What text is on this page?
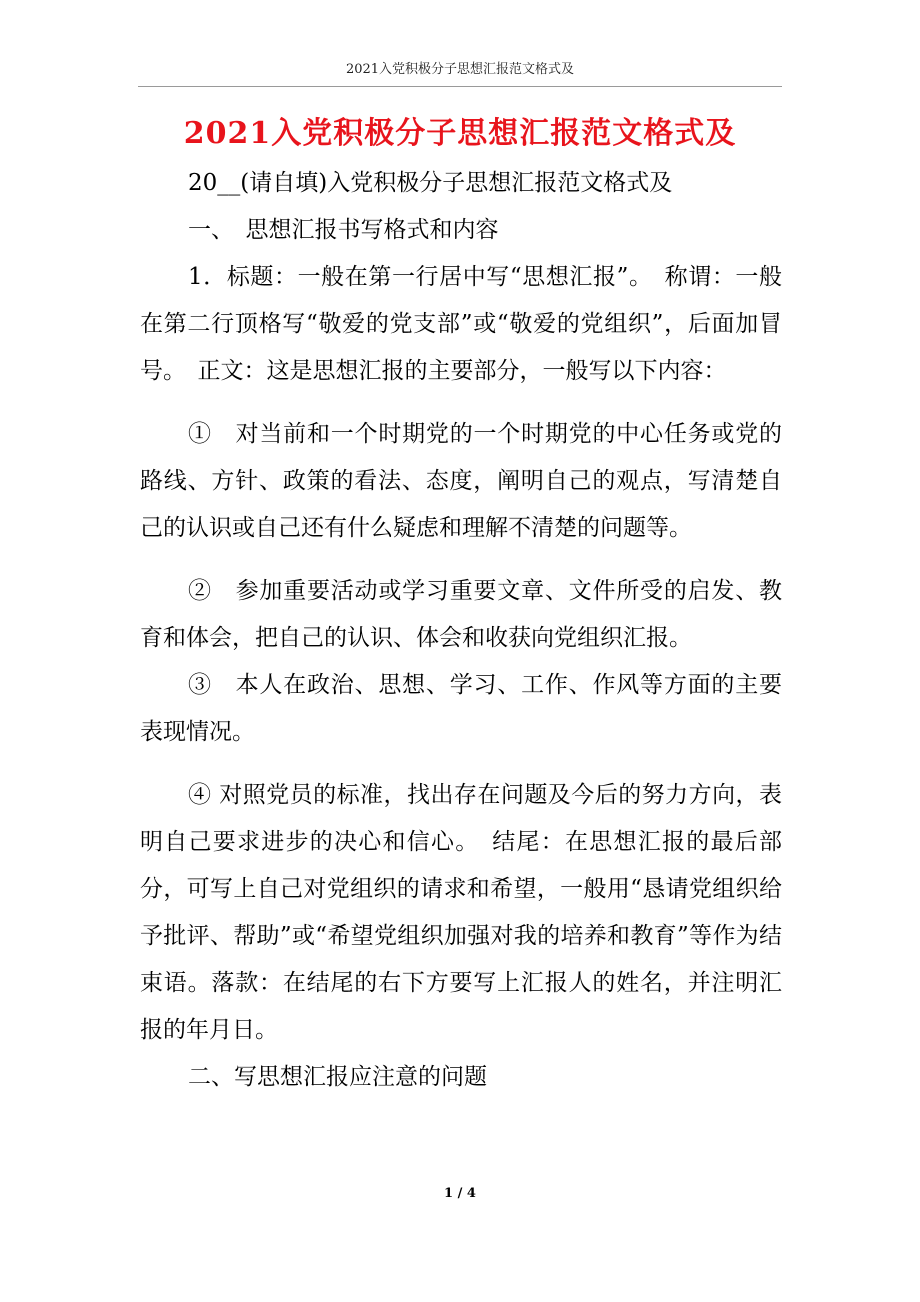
2021入党积极分子思想汇报范文格式及
2021入党积极分子思想汇报范文格式及

20__(请自填)入党积极分子思想汇报范文格式及

一、　思想汇报书写格式和内容

1．标题：一般在第一行居中写“思想汇报”。　称谓：一般在第二行顶格写“敬爱的党支部”或“敬爱的党组织”，后面加冒号。　正文：这是思想汇报的主要部分，一般写以下内容：

①　对当前和一个时期党的一个时期党的中心任务或党的路线、方针、政策的看法、态度，阐明自己的观点，写清楚自己的认识或自己还有什么疑虑和理解不清楚的问题等。

②　参加重要活动或学习重要文章、文件所受的启发、教育和体会，把自己的认识、体会和收获向党组织汇报。

③　本人在政治、思想、学习、工作、作风等方面的主要表现情况。

④ 对照党员的标准，找出存在问题及今后的努力方向，表明自己要求进步的决心和信心。　结尾：在思想汇报的最后部分，可写上自己对党组织的请求和希望，一般用“恳请党组织给予批评、帮助”或“希望党组织加强对我的培养和教育”等作为结束语。落款：在结尾的右下方要写上汇报人的姓名，并注明汇报的年月日。

二、写思想汇报应注意的问题

1 / 4
